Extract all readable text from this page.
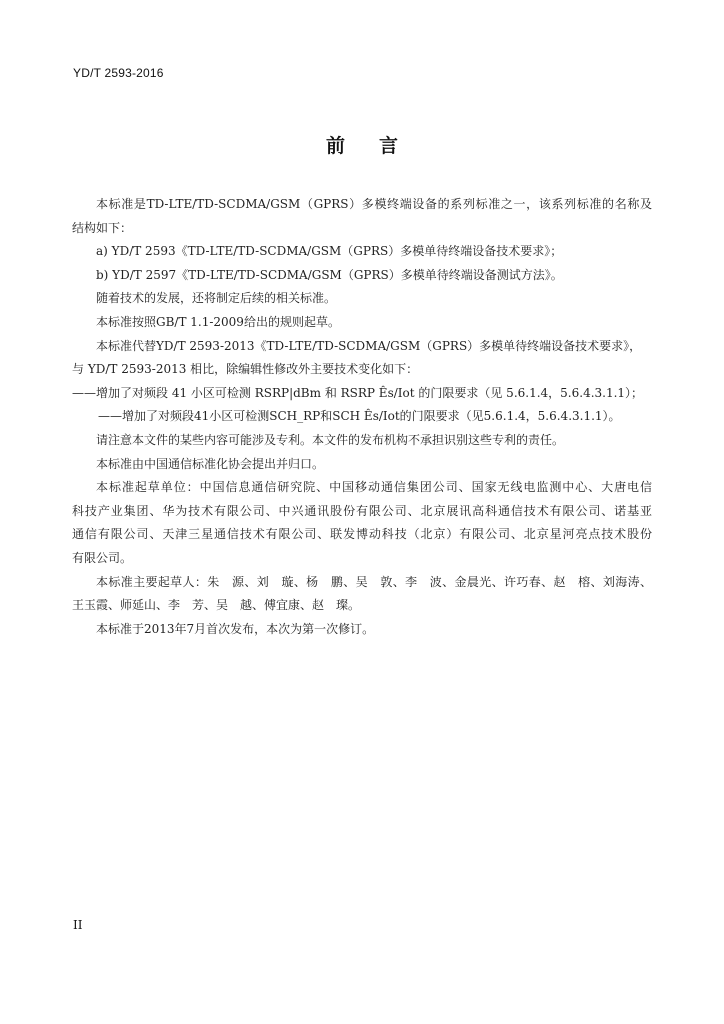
YD/T 2593-2016
前言

本标准是TD-LTE/TD-SCDMA/GSM（GPRS）多模终端设备的系列标准之一，该系列标准的名称及

结构如下：

a) YD/T 2593《TD-LTE/TD-SCDMA/GSM（GPRS）多模单待终端设备技术要求》；

b) YD/T 2597《TD-LTE/TD-SCDMA/GSM（GPRS）多模单待终端设备测试方法》。

随着技术的发展，还将制定后续的相关标准。

本标准按照GB/T 1.1-2009给出的规则起草。

本标准代替YD/T 2593-2013《TD-LTE/TD-SCDMA/GSM（GPRS）多模单待终端设备技术要求》，

与 YD/T 2593-2013 相比，除编辑性修改外主要技术变化如下：

——增加了对频段 41 小区可检测 RSRP|dBm 和 RSRP Ês/Iot 的门限要求（见 5.6.1.4，5.6.4.3.1.1）；

——增加了对频段41小区可检测SCH_RP和SCH Ês/Iot的门限要求（见5.6.1.4，5.6.4.3.1.1）。

请注意本文件的某些内容可能涉及专利。本文件的发布机构不承担识别这些专利的责任。

本标准由中国通信标准化协会提出并归口。

本标准起草单位：中国信息通信研究院、中国移动通信集团公司、国家无线电监测中心、大唐电信

科技产业集团、华为技术有限公司、中兴通讯股份有限公司、北京展讯高科通信技术有限公司、诺基亚

通信有限公司、天津三星通信技术有限公司、联发博动科技（北京）有限公司、北京星河亮点技术股份

有限公司。

本标准主要起草人：朱　源、刘　璇、杨　鹏、吴　敦、李　波、金晨光、许巧春、赵　榕、刘海涛、

王玉霞、师延山、李　芳、吴　越、傅宜康、赵　璨。

本标准于2013年7月首次发布，本次为第一次修订。

II
